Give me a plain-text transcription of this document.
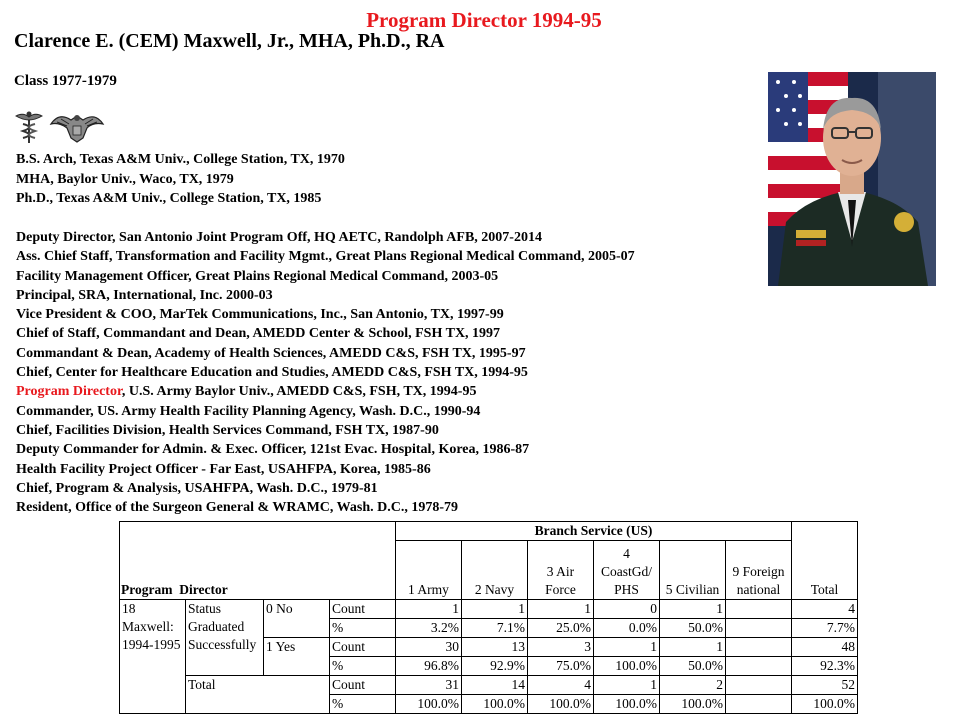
Program Director 1994-95
Clarence E. (CEM) Maxwell, Jr., MHA, Ph.D., RA
Class 1977-1979
B.S. Arch, Texas A&M Univ., College Station, TX, 1970
MHA, Baylor Univ., Waco, TX, 1979
Ph.D., Texas A&M Univ., College Station, TX, 1985
Deputy Director, San Antonio Joint Program Off, HQ AETC, Randolph AFB, 2007-2014
Ass. Chief Staff, Transformation and Facility Mgmt., Great Plans Regional Medical Command, 2005-07
Facility Management Officer, Great Plains Regional Medical Command, 2003-05
Principal, SRA, International, Inc. 2000-03
Vice President & COO, MarTek Communications, Inc., San Antonio, TX, 1997-99
Chief of Staff, Commandant and Dean, AMEDD Center & School, FSH TX, 1997
Commandant & Dean, Academy of Health Sciences, AMEDD C&S, FSH TX, 1995-97
Chief, Center for Healthcare Education and Studies, AMEDD C&S, FSH TX, 1994-95
Program Director, U.S. Army Baylor Univ., AMEDD C&S, FSH, TX, 1994-95
Commander, US. Army Health Facility Planning Agency, Wash. D.C., 1990-94
Chief, Facilities Division, Health Services Command, FSH TX, 1987-90
Deputy Commander for Admin. & Exec. Officer, 121st Evac. Hospital, Korea, 1986-87
Health Facility Project Officer - Far East, USAHFPA, Korea, 1985-86
Chief, Program & Analysis, USAHFPA, Wash. D.C., 1979-81
Resident, Office of the Surgeon General & WRAMC, Wash. D.C., 1978-79
Program Director				Branch Service (US)						Total
				1 Army	2 Navy	3 Air Force	4 CoastGd/ PHS	5 Civilian	9 Foreign national	
18 Maxwell: 1994-1995	Status Graduated Successfully	0 No	Count	1	1	1	0	1		4
			%	3.2%	7.1%	25.0%	0.0%	50.0%		7.7%
		1 Yes	Count	30	13	3	1	1		48
			%	96.8%	92.9%	75.0%	100.0%	50.0%		92.3%
	Total		Count	31	14	4	1	2		52
			%	100.0%	100.0%	100.0%	100.0%	100.0%		100.0%
